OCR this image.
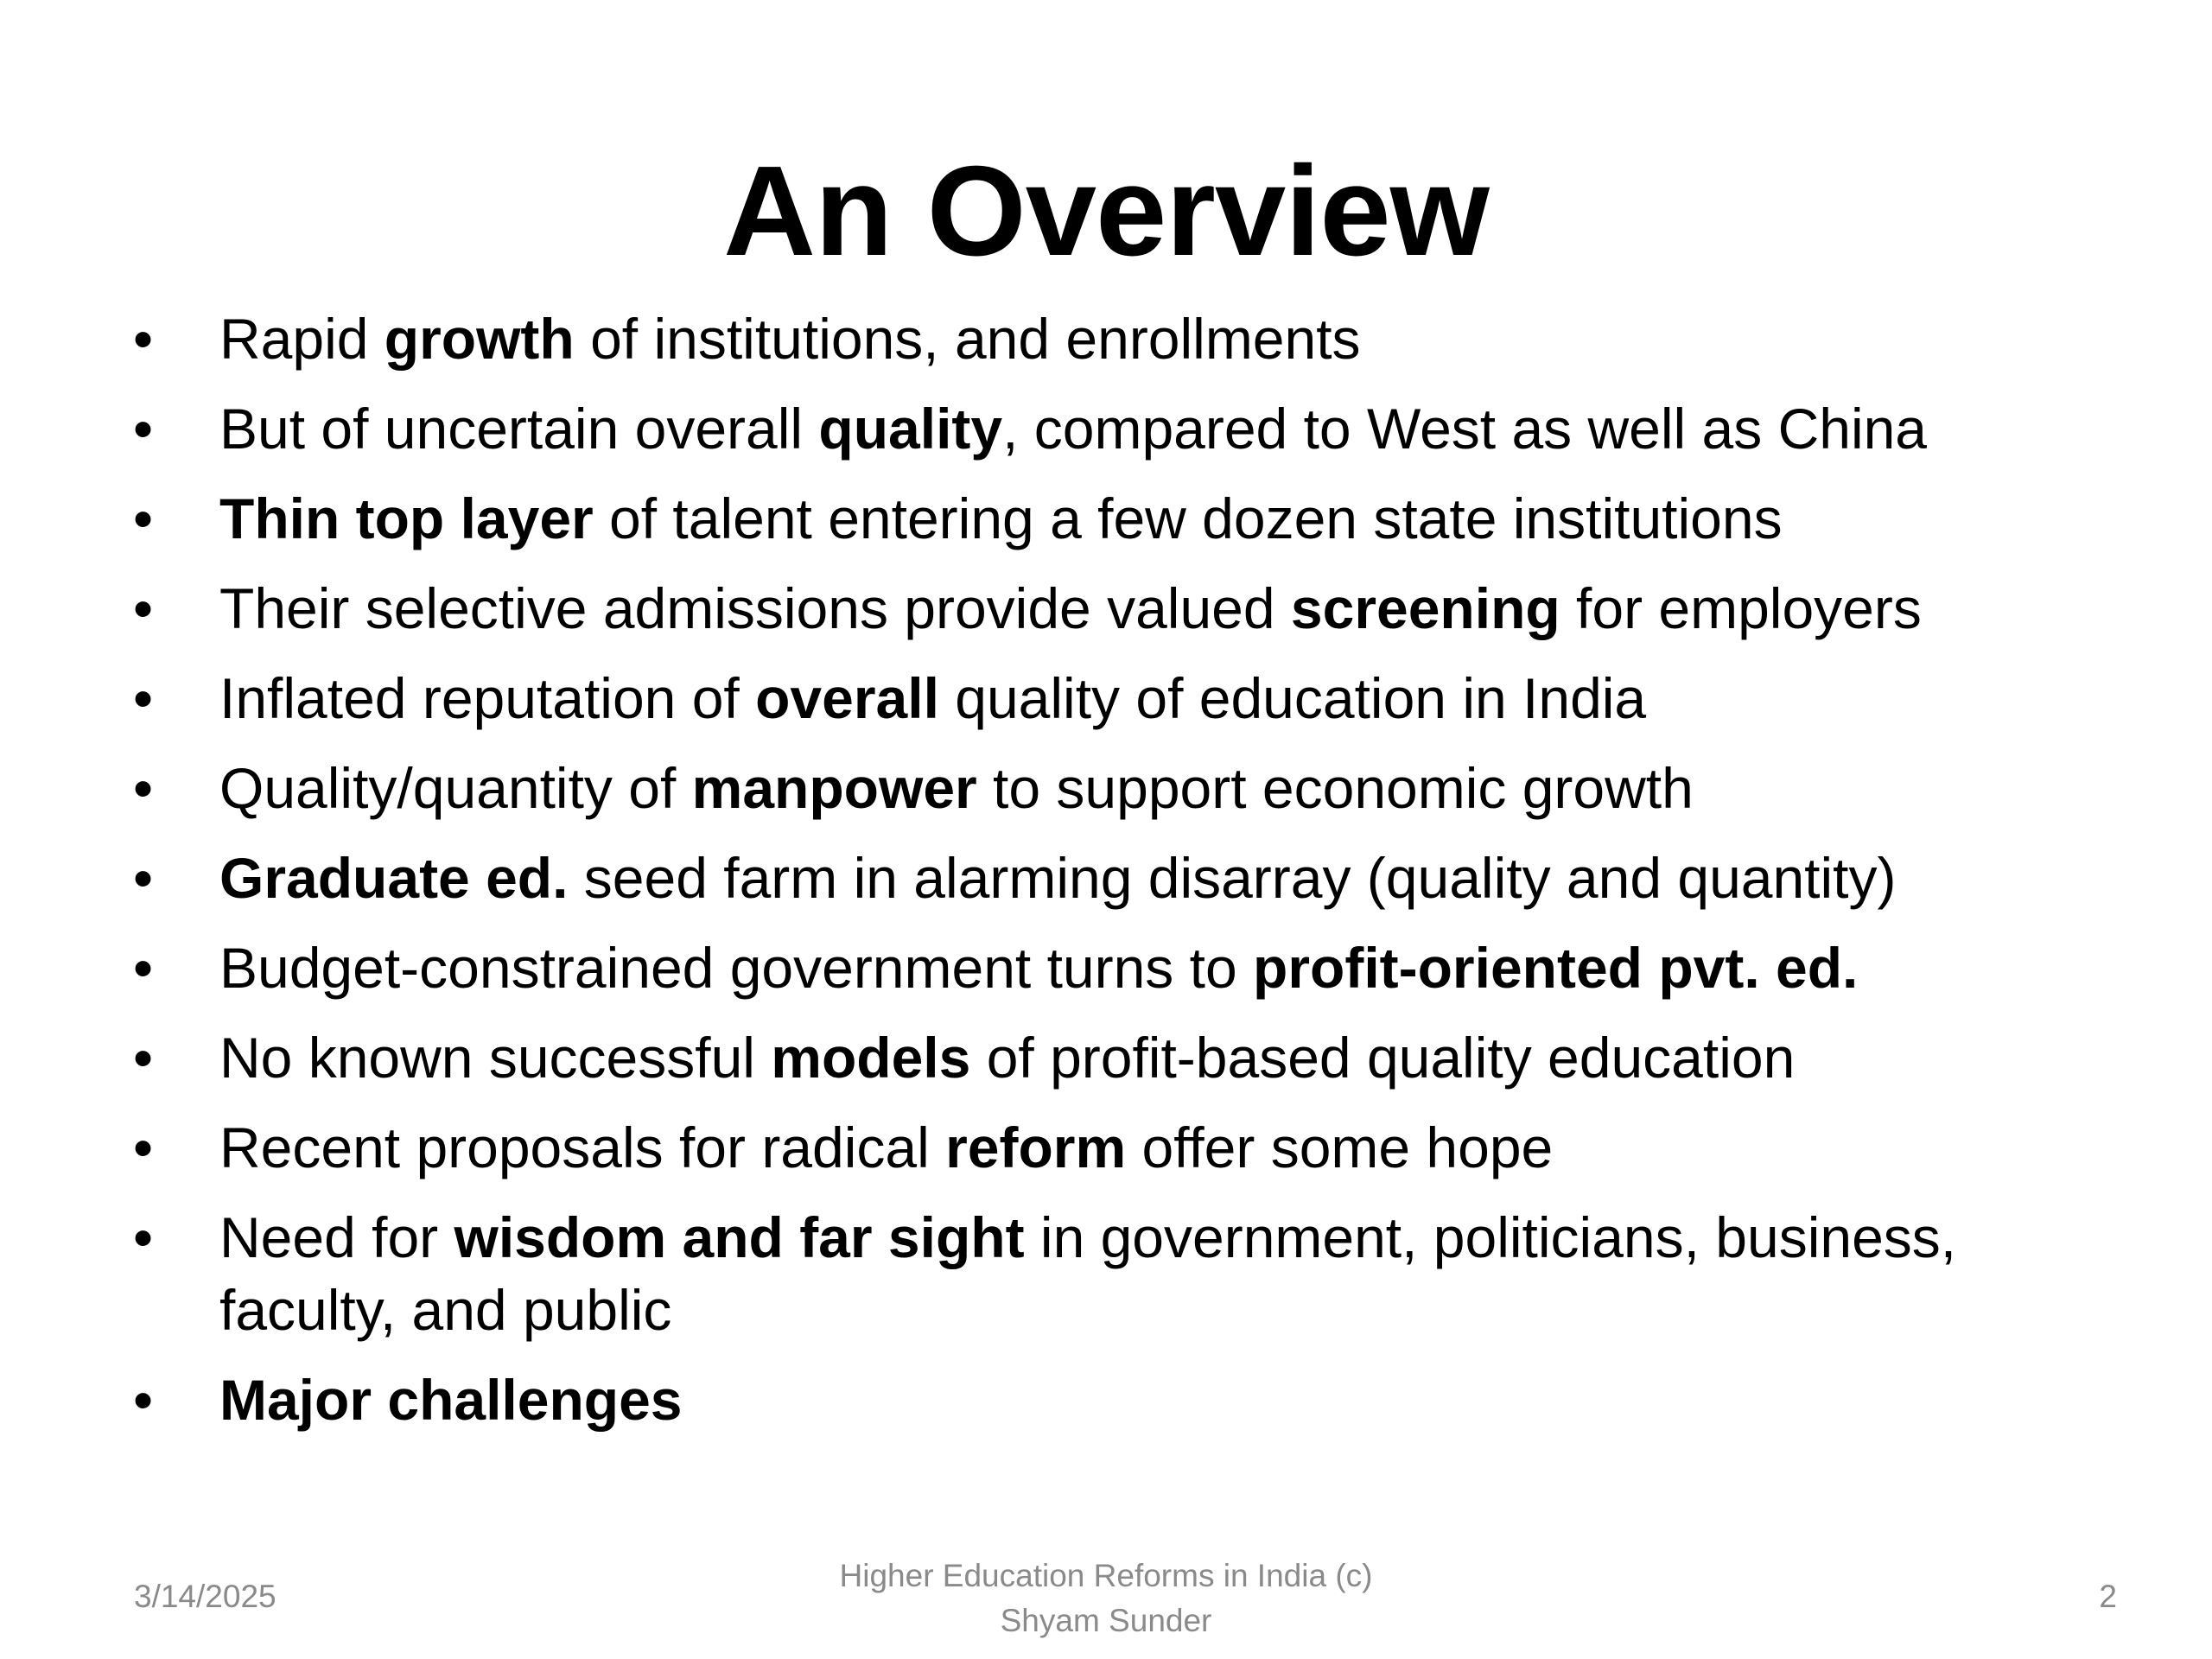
An Overview
• Rapid growth of institutions, and enrollments
• But of uncertain overall quality, compared to West as well as China
• Thin top layer of talent entering a few dozen state institutions
• Their selective admissions provide valued screening for employers
• Inflated reputation of overall quality of education in India
• Quality/quantity of manpower to support economic growth
• Graduate ed. seed farm in alarming disarray (quality and quantity)
• Budget-constrained government turns to profit-oriented pvt. ed.
• No known successful models of profit-based quality education
• Recent proposals for radical reform offer some hope
• Need for wisdom and far sight in government, politicians, business, faculty, and public
• Major challenges
3/14/2025
Higher Education Reforms in India (c)
Shyam Sunder
2
